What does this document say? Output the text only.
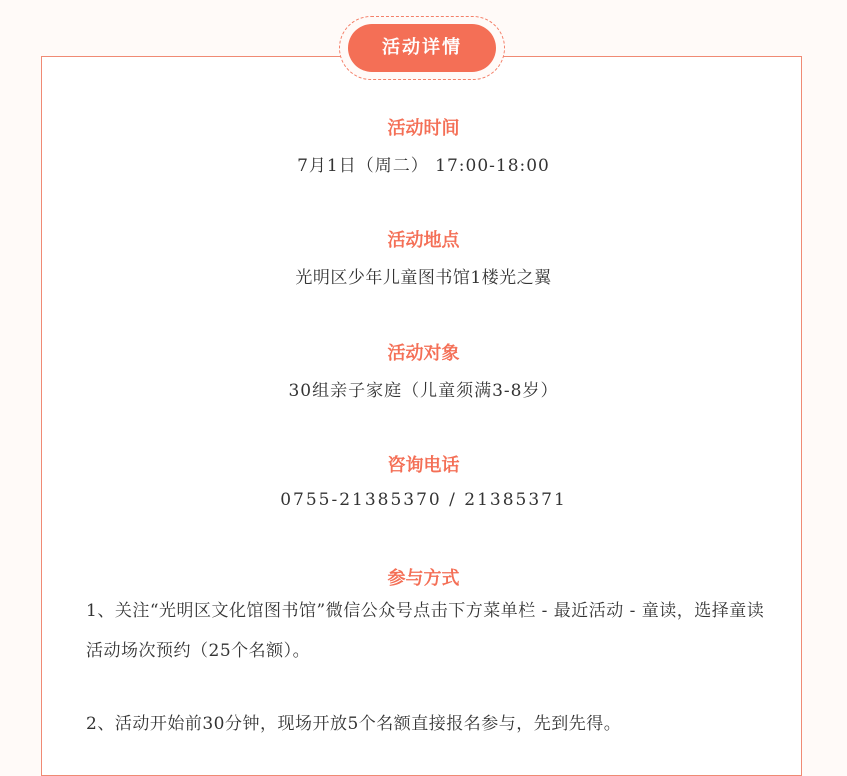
活动详情
活动时间
7月1日（周二） 17:00-18:00
活动地点
光明区少年儿童图书馆1楼光之翼
活动对象
30组亲子家庭（儿童须满3-8岁）
咨询电话
0755-21385370 / 21385371
参与方式
1、关注“光明区文化馆图书馆”微信公众号点击下方菜单栏 - 最近活动 - 童读，选择童读活动场次预约（25个名额）。
2、活动开始前30分钟，现场开放5个名额直接报名参与，先到先得。
